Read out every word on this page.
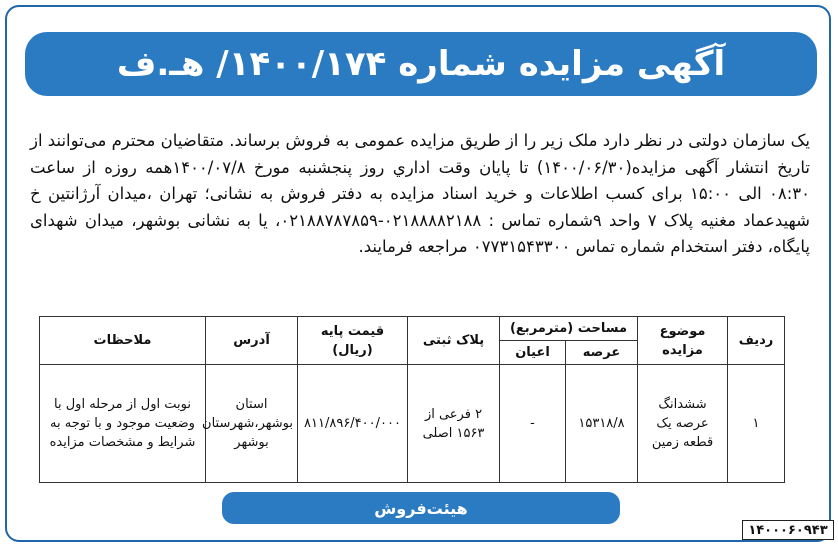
آگهی مزایده شماره ۱۴۰۰/۱۷۴/ هـ.ف
یک سازمان دولتی در نظر دارد ملک زیر را از طریق مزایده عمومی به فروش برساند. متقاضیان محترم می‌توانند از تاریخ انتشار آگهی مزایده(۱۴۰۰/۰۶/۳۰) تا پایان وقت اداري روز پنجشنبه مورخ ۱۴۰۰/۰۷/۸همه روزه از ساعت ۰۸:۳۰ الی ۱۵:۰۰ برای کسب اطلاعات و خرید اسناد مزایده به دفتر فروش به نشانی؛ تهران ،میدان آرژانتین خ شهیدعماد مغنیه پلاک ۷ واحد ۹شماره تماس : ۰۲۱۸۸۸۸۲۱۸۸-۰۲۱۸۸۷۸۷۸۵۹، یا به نشانی بوشهر، میدان شهدای پایگاه، دفتر استخدام شماره تماس ۰۷۷۳۱۵۴۳۳۰۰ مراجعه فرمایند.
ردیف	موضوع مزایده	مساحت (مترمربع)		پلاک ثبتی	قیمت پایه (ریال)	آدرس	ملاحظات
		عرصه	اعیان				
۱	ششدانگ عرصه یک قطعه زمین	۱۵۳۱۸/۸	-	۲ فرعی از ۱۵۶۳ اصلی	۸۱۱/۸۹۶/۴۰۰/۰۰۰	استان بوشهر،شهرستان بوشهر	نوبت اول از مرحله اول با وضعیت موجود و با توجه به شرایط و مشخصات مزایده
هیئت‌فروش
۱۴۰۰۰۶۰۹۴۳
